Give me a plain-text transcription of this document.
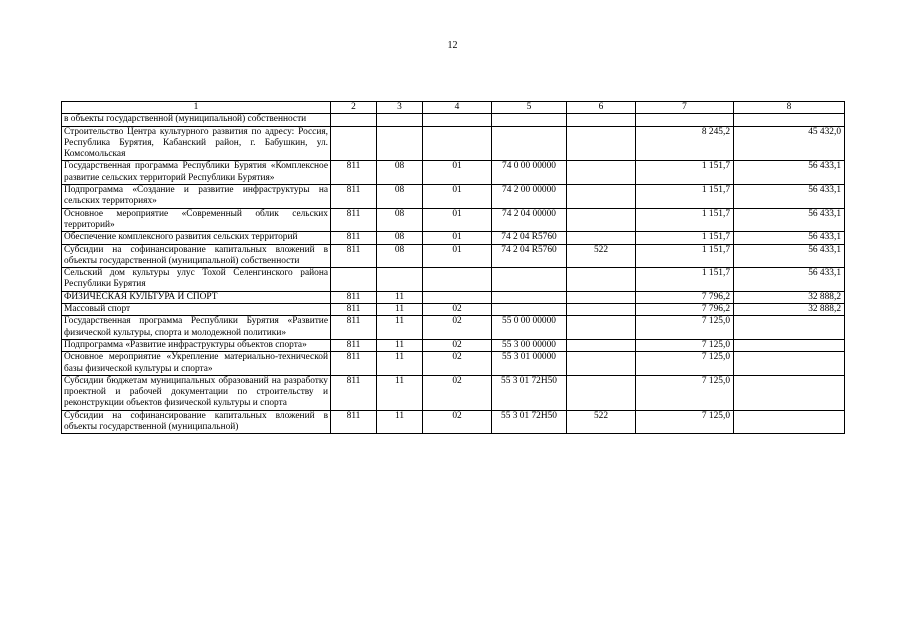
12
1	2	3	4	5	6	7	8
в объекты государственной (муниципальной) собственности							
Строительство Центра культурного развития по адресу: Россия, Республика Бурятия, Кабанский район, г. Бабушкин, ул. Комсомольская						8 245,2	45 432,0
Государственная программа Республики Бурятия «Комплексное развитие сельских территорий Республики Бурятия»	811	08	01	74 0 00 00000		1 151,7	56 433,1
Подпрограмма «Создание и развитие инфраструктуры на сельских территориях»	811	08	01	74 2 00 00000		1 151,7	56 433,1
Основное мероприятие «Современный облик сельских территорий»	811	08	01	74 2 04 00000		1 151,7	56 433,1
Обеспечение комплексного развития сельских территорий	811	08	01	74 2 04 R5760		1 151,7	56 433,1
Субсидии на софинансирование капитальных вложений в объекты государственной (муниципальной) собственности	811	08	01	74 2 04 R5760	522	1 151,7	56 433,1
Сельский дом культуры улус Тохой Селенгинского района Республики Бурятия						1 151,7	56 433,1
ФИЗИЧЕСКАЯ КУЛЬТУРА И СПОРТ	811	11				7 796,2	32 888,2
Массовый спорт	811	11	02			7 796,2	32 888,2
Государственная программа Республики Бурятия «Развитие физической культуры, спорта и молодежной политики»	811	11	02	55 0 00 00000		7 125,0	
Подпрограмма «Развитие инфраструктуры объектов спорта»	811	11	02	55 3 00 00000		7 125,0	
Основное мероприятие «Укрепление материально-технической базы физической культуры и спорта»	811	11	02	55 3 01 00000		7 125,0	
Субсидии бюджетам муниципальных образований на разработку проектной и рабочей документации по строительству и реконструкции объектов физической культуры и спорта	811	11	02	55 3 01 72Н50		7 125,0	
Субсидии на софинансирование капитальных вложений в объекты государственной (муниципальной)	811	11	02	55 3 01 72Н50	522	7 125,0	
